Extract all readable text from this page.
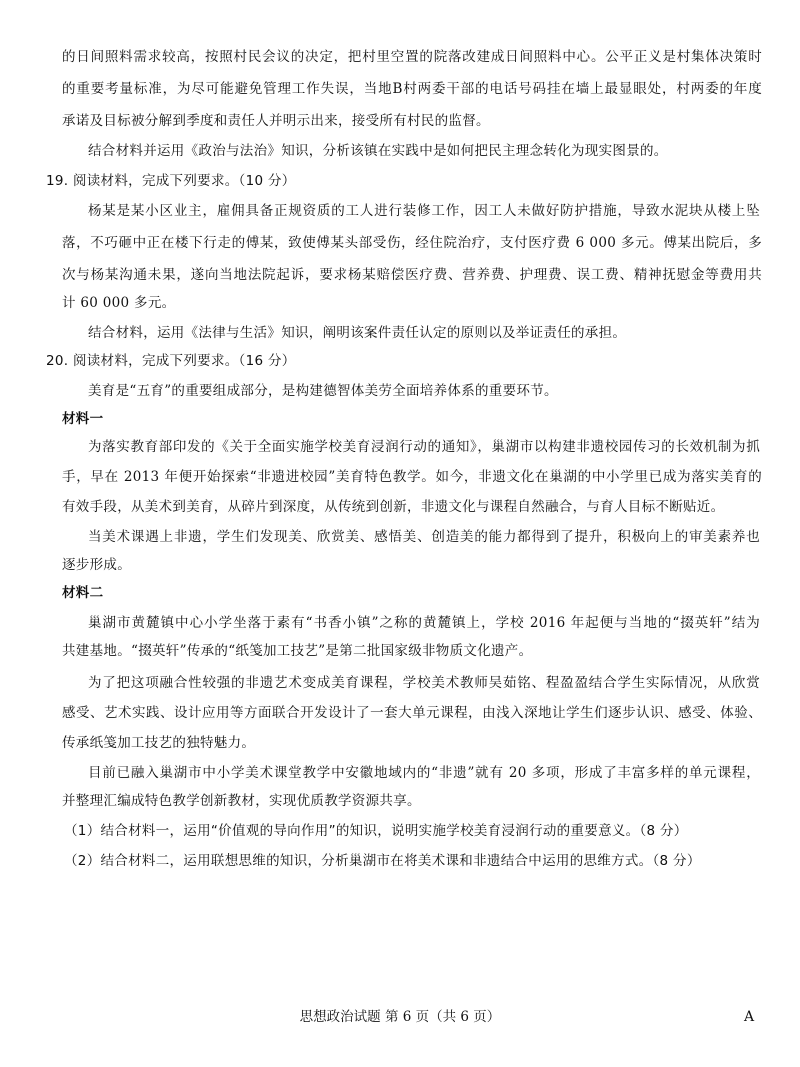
的日间照料需求较高，按照村民会议的决定，把村里空置的院落改建成日间照料中心。公平正义是村集体决策时
的重要考量标准，为尽可能避免管理工作失误，当地B村两委干部的电话号码挂在墙上最显眼处，村两委的年度
承诺及目标被分解到季度和责任人并明示出来，接受所有村民的监督。
结合材料并运用《政治与法治》知识，分析该镇在实践中是如何把民主理念转化为现实图景的。
19. 阅读材料，完成下列要求。（10 分）
杨某是某小区业主，雇佣具备正规资质的工人进行装修工作，因工人未做好防护措施，导致水泥块从楼上坠
落，不巧砸中正在楼下行走的傅某，致使傅某头部受伤，经住院治疗，支付医疗费 6 000 多元。傅某出院后，多
次与杨某沟通未果，遂向当地法院起诉，要求杨某赔偿医疗费、营养费、护理费、误工费、精神抚慰金等费用共
计 60 000 多元。
结合材料，运用《法律与生活》知识，阐明该案件责任认定的原则以及举证责任的承担。
20. 阅读材料，完成下列要求。（16 分）
美育是“五育”的重要组成部分，是构建德智体美劳全面培养体系的重要环节。
材料一
为落实教育部印发的《关于全面实施学校美育浸润行动的通知》，巢湖市以构建非遗校园传习的长效机制为抓
手，早在 2013 年便开始探索“非遗进校园”美育特色教学。如今，非遗文化在巢湖的中小学里已成为落实美育的
有效手段，从美术到美育，从碎片到深度，从传统到创新，非遗文化与课程自然融合，与育人目标不断贴近。
当美术课遇上非遗，学生们发现美、欣赏美、感悟美、创造美的能力都得到了提升，积极向上的审美素养也
逐步形成。
材料二
巢湖市黄麓镇中心小学坐落于素有“书香小镇”之称的黄麓镇上，学校 2016 年起便与当地的“掇英轩”结为
共建基地。“掇英轩”传承的“纸笺加工技艺”是第二批国家级非物质文化遗产。
为了把这项融合性较强的非遗艺术变成美育课程，学校美术教师吴茹铭、程盈盈结合学生实际情况，从欣赏
感受、艺术实践、设计应用等方面联合开发设计了一套大单元课程，由浅入深地让学生们逐步认识、感受、体验、
传承纸笺加工技艺的独特魅力。
目前已融入巢湖市中小学美术课堂教学中安徽地域内的“非遗”就有 20 多项，形成了丰富多样的单元课程，
并整理汇编成特色教学创新教材，实现优质教学资源共享。
（1）结合材料一，运用“价值观的导向作用”的知识，说明实施学校美育浸润行动的重要意义。（8 分）
（2）结合材料二，运用联想思维的知识，分析巢湖市在将美术课和非遗结合中运用的思维方式。（8 分）
思想政治试题 第 6 页（共 6 页）	A
